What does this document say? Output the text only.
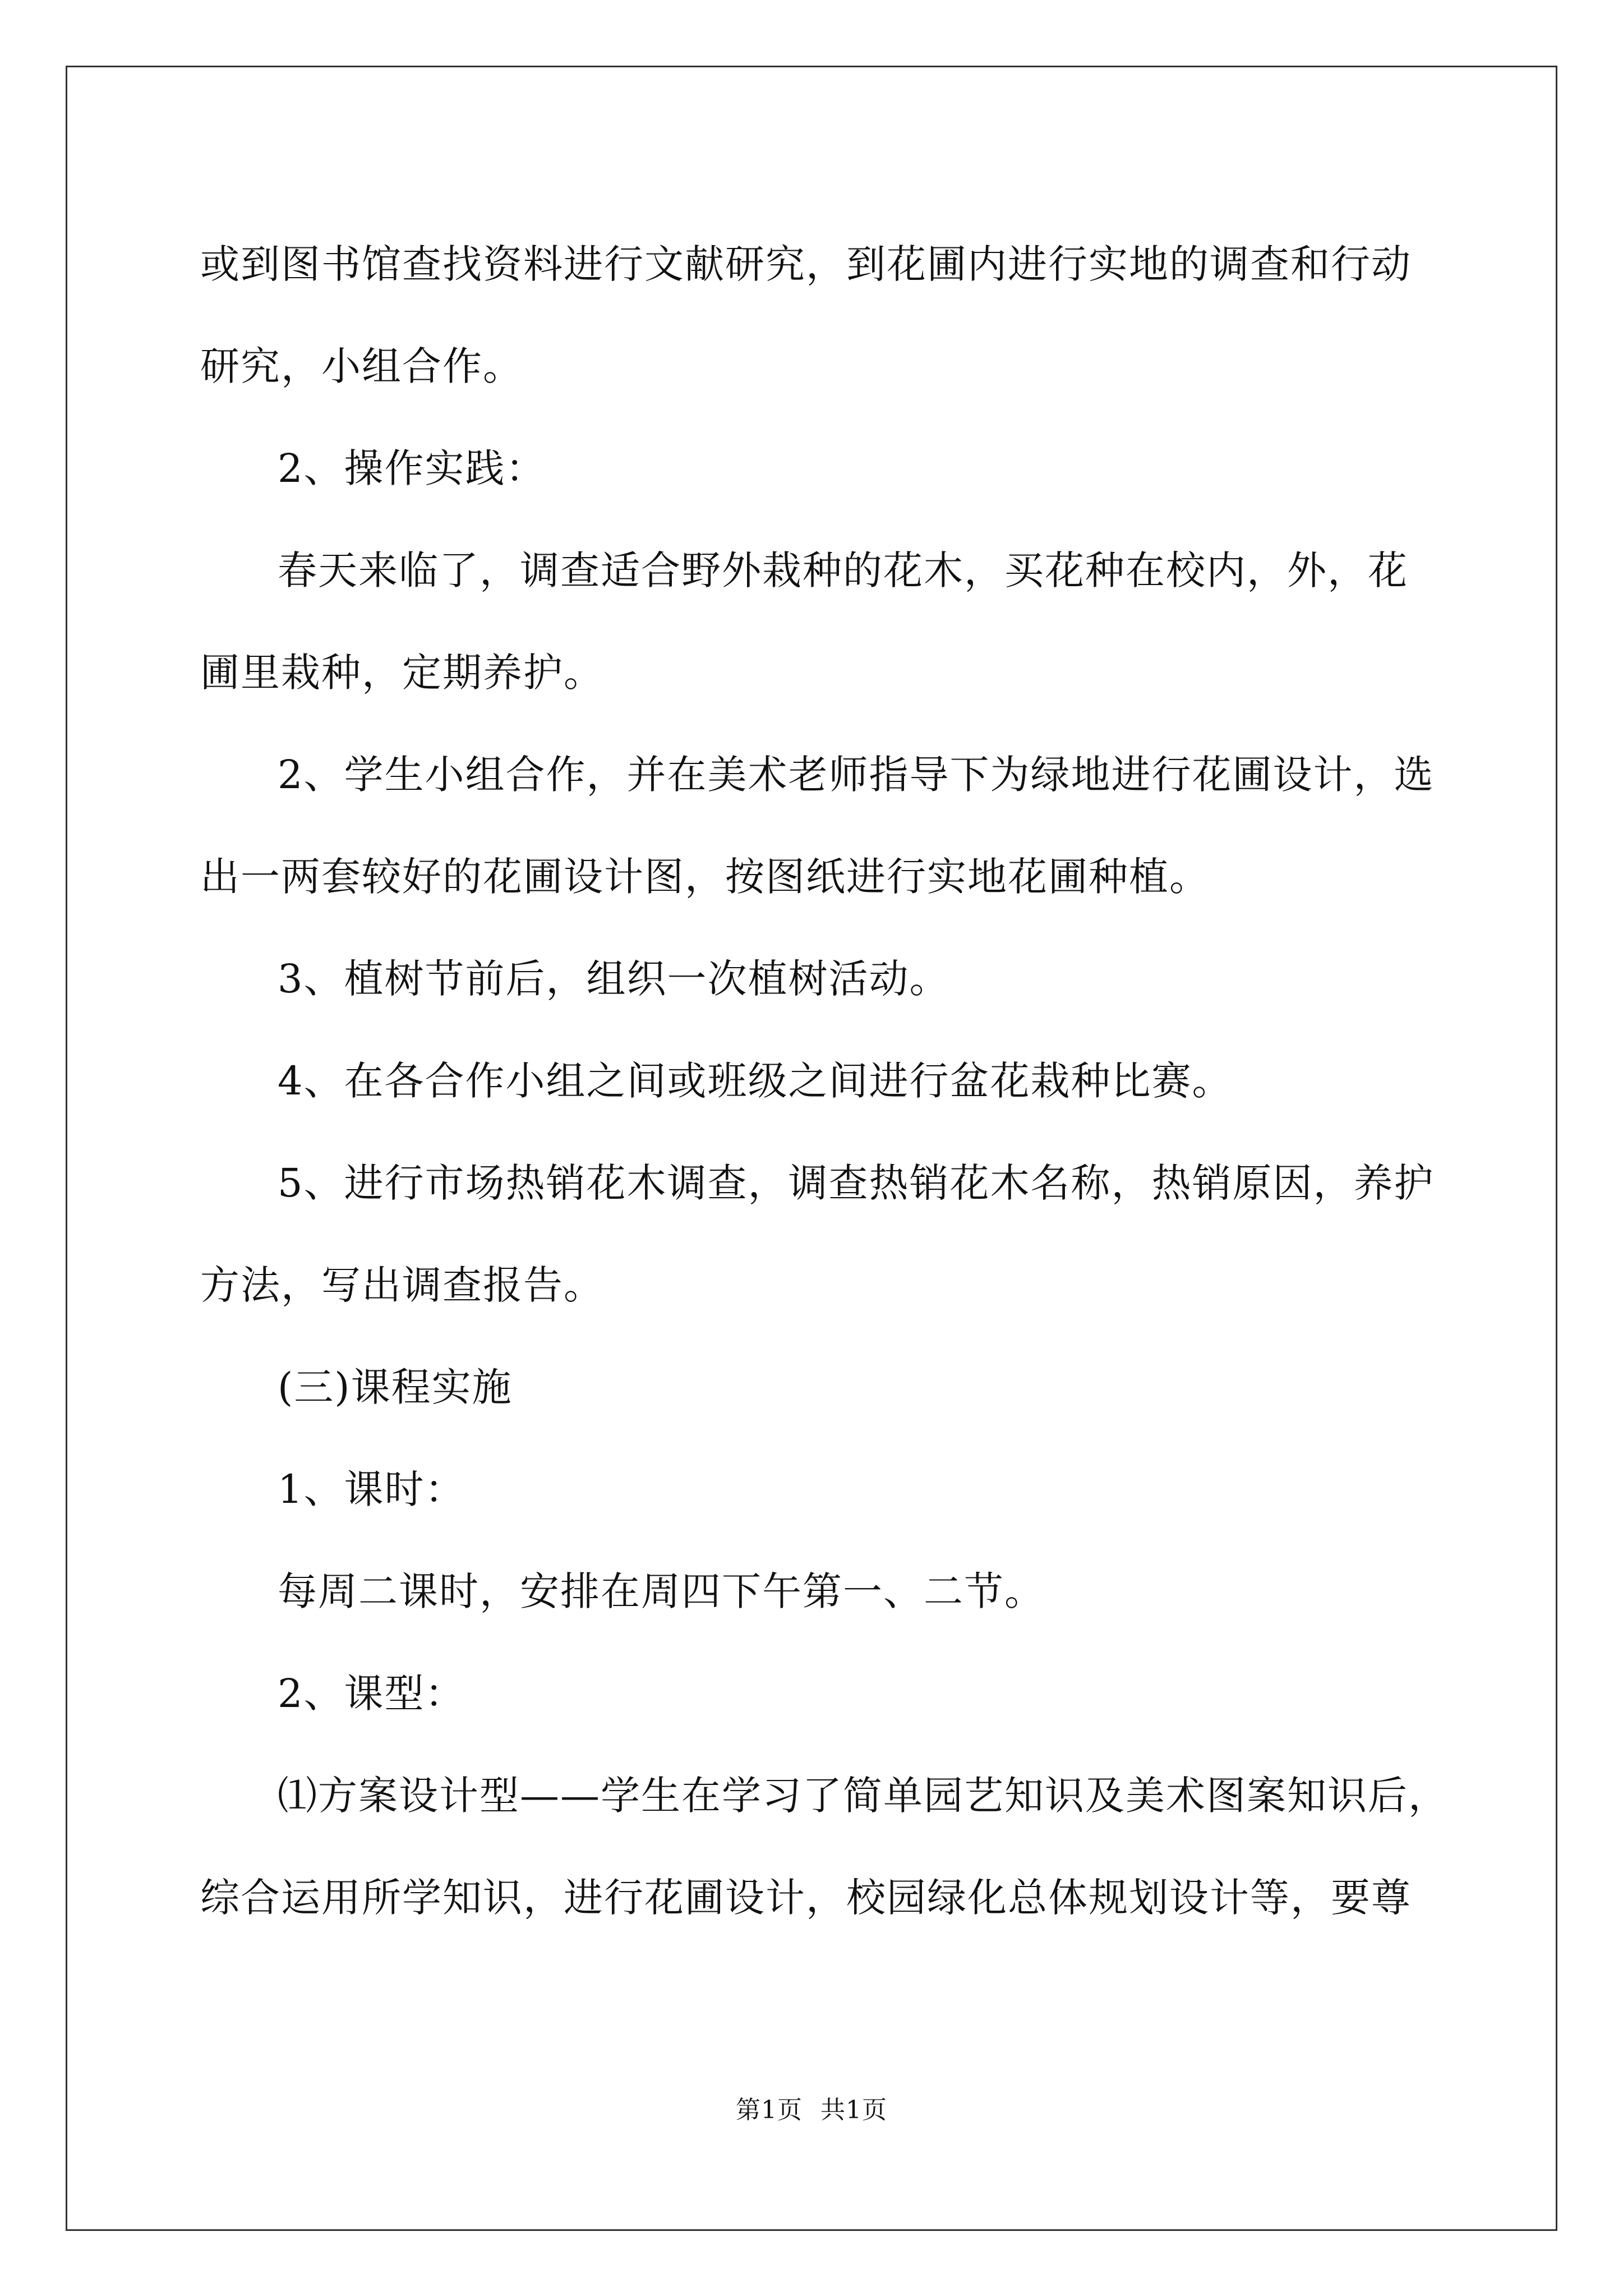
或到图书馆查找资料进行文献研究，到花圃内进行实地的调查和行动

研究，小组合作。

2、操作实践：

春天来临了，调查适合野外栽种的花木，买花种在校内，外，花

圃里栽种，定期养护。

2、学生小组合作，并在美术老师指导下为绿地进行花圃设计，选

出一两套较好的花圃设计图，按图纸进行实地花圃种植。

3、植树节前后，组织一次植树活动。

4、在各合作小组之间或班级之间进行盆花栽种比赛。

5、进行市场热销花木调查，调查热销花木名称，热销原因，养护

方法，写出调查报告。

(三)课程实施

1、课时：

每周二课时，安排在周四下午第一、二节。

2、课型：

⑴方案设计型——学生在学习了简单园艺知识及美术图案知识后，

综合运用所学知识，进行花圃设计，校园绿化总体规划设计等，要尊

第1页 共1页
